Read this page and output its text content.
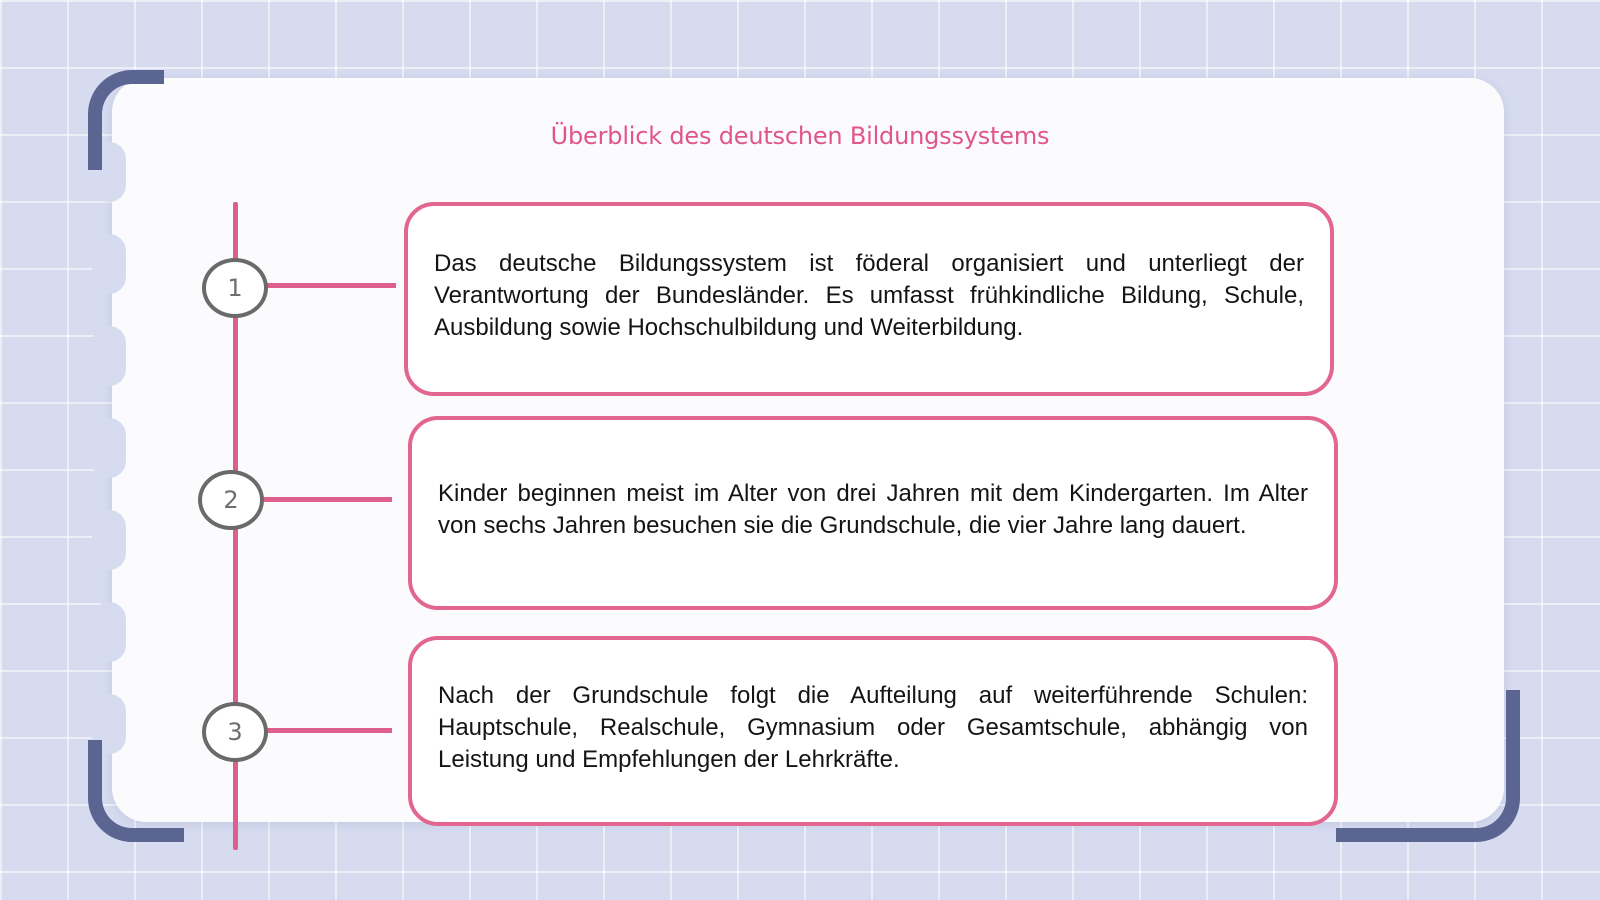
Überblick des deutschen Bildungssystems
1

Das deutsche Bildungssystem ist föderal organisiert und unterliegt der Verantwortung der Bundesländer. Es umfasst frühkindliche Bildung, Schule, Ausbildung sowie Hochschulbildung und Weiterbildung.

2	Kinder beginnen meist im Alter von drei Jahren mit dem Kindergarten. Im Alter von sechs Jahren besuchen sie die Grundschule, die vier Jahre lang dauert.

3

Nach der Grundschule folgt die Aufteilung auf weiterführende Schulen: Hauptschule, Realschule, Gymnasium oder Gesamtschule, abhängig von Leistung und Empfehlungen der Lehrkräfte.
